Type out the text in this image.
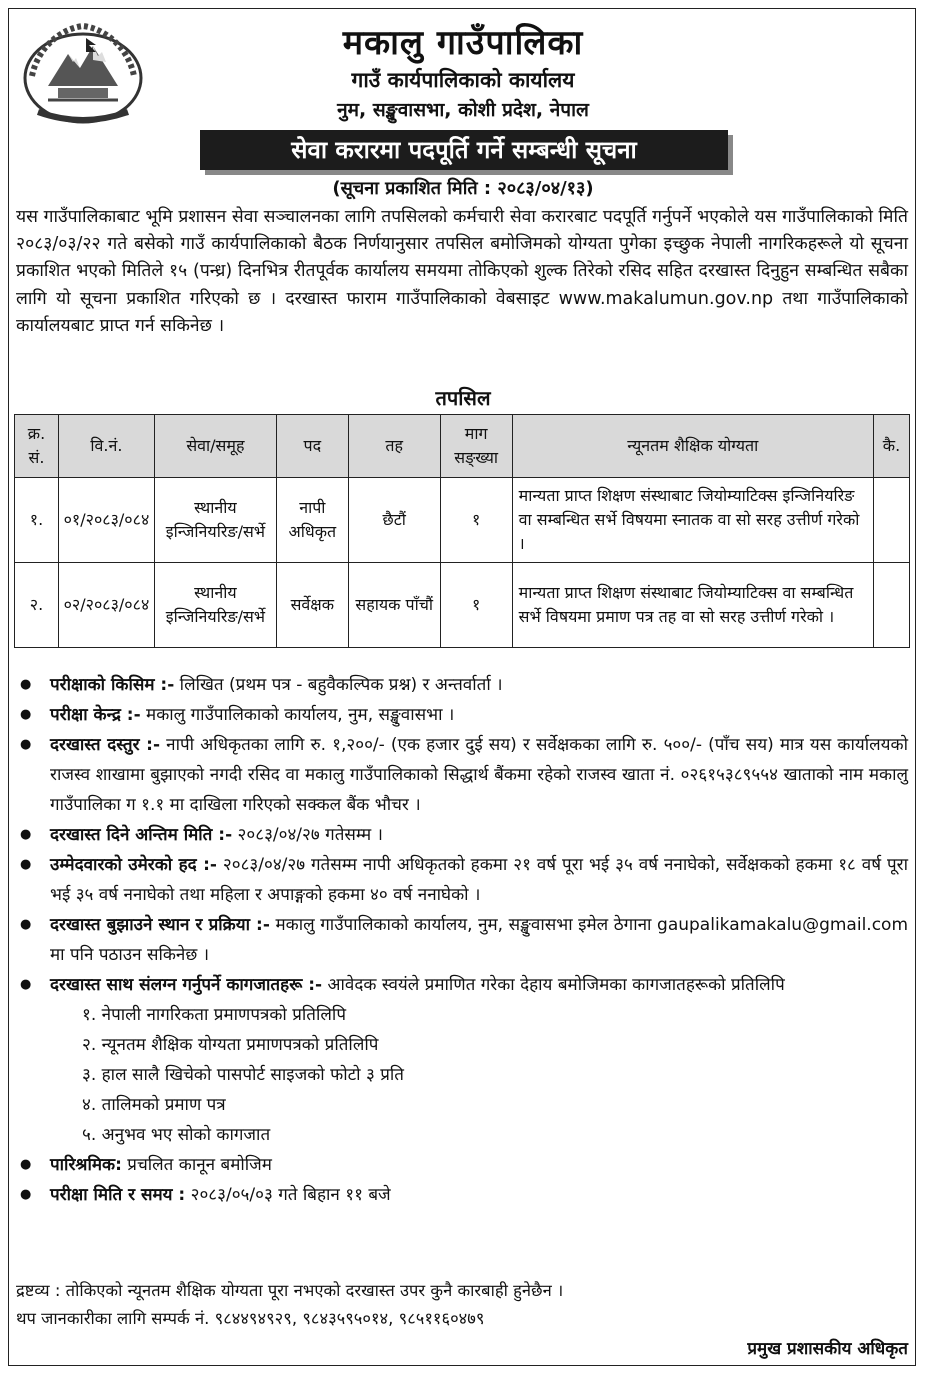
मकालु गाउँपालिका
गाउँ कार्यपालिकाको कार्यालय
नुम, सङ्खुवासभा, कोशी प्रदेश, नेपाल
सेवा करारमा पदपूर्ति गर्ने सम्बन्धी सूचना
(सूचना प्रकाशित मिति : २०८३/०४/१३)

यस गाउँपालिकाबाट भूमि प्रशासन सेवा सञ्चालनका लागि तपसिलको कर्मचारी सेवा करारबाट पदपूर्ति गर्नुपर्ने भएकोले यस गाउँपालिकाको मिति २०८३/०३/२२ गते बसेको गाउँ कार्यपालिकाको बैठक निर्णयानुसार तपसिल बमोजिमको योग्यता पुगेका इच्छुक नेपाली नागरिकहरूले यो सूचना प्रकाशित भएको मितिले १५ (पन्ध्र) दिनभित्र रीतपूर्वक कार्यालय समयमा तोकिएको शुल्क तिरेको रसिद सहित दरखास्त दिनुहुन सम्बन्धित सबैका लागि यो सूचना प्रकाशित गरिएको छ । दरखास्त फाराम गाउँपालिकाको वेबसाइट www.makalumun.gov.np तथा गाउँपालिकाको कार्यालयबाट प्राप्त गर्न सकिनेछ ।

तपसिल
क्र. सं.	वि.नं.	सेवा/समूह	पद	तह	माग सङ्ख्या	न्यूनतम शैक्षिक योग्यता	कै.
१.	०१/२०८३/०८४	स्थानीय इन्जिनियरिङ/सर्भे	नापी अधिकृत	छैटौं	१	मान्यता प्राप्त शिक्षण संस्थाबाट जियोम्याटिक्स इन्जिनियरिङ वा सम्बन्धित सर्भे विषयमा स्नातक वा सो सरह उत्तीर्ण गरेको ।	
२.	०२/२०८३/०८४	स्थानीय इन्जिनियरिङ/सर्भे	सर्वेक्षक	सहायक पाँचौं	१	मान्यता प्राप्त शिक्षण संस्थाबाट जियोम्याटिक्स वा सम्बन्धित सर्भे विषयमा प्रमाण पत्र तह वा सो सरह उत्तीर्ण गरेको ।	
● परीक्षाको किसिम :- लिखित (प्रथम पत्र - बहुवैकल्पिक प्रश्न) र अन्तर्वार्ता ।
● परीक्षा केन्द्र :- मकालु गाउँपालिकाको कार्यालय, नुम, सङ्खुवासभा ।
● दरखास्त दस्तुर :- नापी अधिकृतका लागि रु. १,२००/- (एक हजार दुई सय) र सर्वेक्षकका लागि रु. ५००/- (पाँच सय) मात्र यस कार्यालयको राजस्व शाखामा बुझाएको नगदी रसिद वा मकालु गाउँपालिकाको सिद्धार्थ बैंकमा रहेको राजस्व खाता नं. ०२६१५३८९५५४ खाताको नाम मकालु गाउँपालिका ग १.१ मा दाखिला गरिएको सक्कल बैंक भौचर ।
● दरखास्त दिने अन्तिम मिति :- २०८३/०४/२७ गतेसम्म ।
● उम्मेदवारको उमेरको हद :- २०८३/०४/२७ गतेसम्म नापी अधिकृतको हकमा २१ वर्ष पूरा भई ३५ वर्ष ननाघेको, सर्वेक्षकको हकमा १८ वर्ष पूरा भई ३५ वर्ष ननाघेको तथा महिला र अपाङ्गको हकमा ४० वर्ष ननाघेको ।
● दरखास्त बुझाउने स्थान र प्रक्रिया :- मकालु गाउँपालिकाको कार्यालय, नुम, सङ्खुवासभा इमेल ठेगाना gaupalikamakalu@gmail.com मा पनि पठाउन सकिनेछ ।
● दरखास्त साथ संलग्न गर्नुपर्ने कागजातहरू :- आवेदक स्वयंले प्रमाणित गरेका देहाय बमोजिमका कागजातहरूको प्रतिलिपि
१. नेपाली नागरिकता प्रमाणपत्रको प्रतिलिपि
२. न्यूनतम शैक्षिक योग्यता प्रमाणपत्रको प्रतिलिपि
३. हाल सालै खिचेको पासपोर्ट साइजको फोटो ३ प्रति
४. तालिमको प्रमाण पत्र
५. अनुभव भए सोको कागजात
● पारिश्रमिक: प्रचलित कानून बमोजिम
● परीक्षा मिति र समय : २०८३/०५/०३ गते बिहान ११ बजे
द्रष्टव्य : तोकिएको न्यूनतम शैक्षिक योग्यता पूरा नभएको दरखास्त उपर कुनै कारबाही हुनेछैन ।
थप जानकारीका लागि सम्पर्क नं. ९८४४९४९२९, ९८४३५९५०१४, ९८५११६०४७९
प्रमुख प्रशासकीय अधिकृत
